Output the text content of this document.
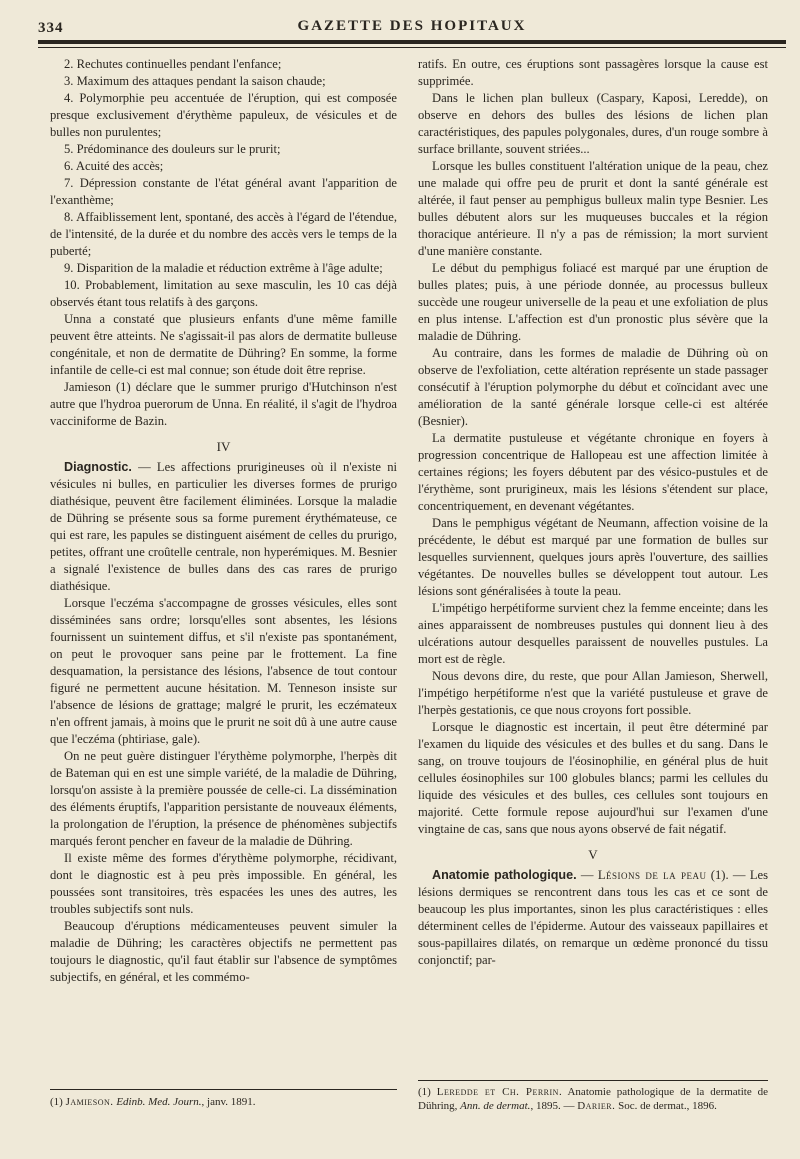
334	GAZETTE DES HOPITAUX

2. Rechutes continuelles pendant l'enfance;

3. Maximum des attaques pendant la saison chaude;

4. Polymorphie peu accentuée de l'éruption, qui est composée presque exclusivement d'érythème papuleux, de vésicules et de bulles non purulentes;

5. Prédominance des douleurs sur le prurit;

6. Acuité des accès;

7. Dépression constante de l'état général avant l'apparition de l'exanthème;

8. Affaiblissement lent, spontané, des accès à l'égard de l'étendue, de l'intensité, de la durée et du nombre des accès vers le temps de la puberté;

9. Disparition de la maladie et réduction extrême à l'âge adulte;

10. Probablement, limitation au sexe masculin, les 10 cas déjà observés étant tous relatifs à des garçons.

Unna a constaté que plusieurs enfants d'une même famille peuvent être atteints. Ne s'agissait-il pas alors de dermatite bulleuse congénitale, et non de dermatite de Dühring? En somme, la forme infantile de celle-ci est mal connue; son étude doit être reprise.

Jamieson (1) déclare que le summer prurigo d'Hutchinson n'est autre que l'hydroa puerorum de Unna. En réalité, il s'agit de l'hydroa vacciniforme de Bazin.

IV

Diagnostic. — Les affections prurigineuses où il n'existe ni vésicules ni bulles, en particulier les diverses formes de prurigo diathésique, peuvent être facilement éliminées. Lorsque la maladie de Dühring se présente sous sa forme purement érythémateuse, ce qui est rare, les papules se distinguent aisément de celles du prurigo, petites, offrant une croûtelle centrale, non hyperémiques. M. Besnier a signalé l'existence de bulles dans des cas rares de prurigo diathésique.

Lorsque l'eczéma s'accompagne de grosses vésicules, elles sont disséminées sans ordre; lorsqu'elles sont absentes, les lésions fournissent un suintement diffus, et s'il n'existe pas spontanément, on peut le provoquer sans peine par le frottement. La fine desquamation, la persistance des lésions, l'absence de tout contour figuré ne permettent aucune hésitation. M. Tenneson insiste sur l'absence de lésions de grattage; malgré le prurit, les eczémateux n'en offrent jamais, à moins que le prurit ne soit dû à une autre cause que l'eczéma (phtiriase, gale).

On ne peut guère distinguer l'érythème polymorphe, l'herpès dit de Bateman qui en est une simple variété, de la maladie de Dühring, lorsqu'on assiste à la première poussée de celle-ci. La dissémination des éléments éruptifs, l'apparition persistante de nouveaux éléments, la prolongation de l'éruption, la présence de phénomènes subjectifs marqués feront pencher en faveur de la maladie de Dühring.

Il existe même des formes d'érythème polymorphe, récidivant, dont le diagnostic est à peu près impossible. En général, les poussées sont transitoires, très espacées les unes des autres, les troubles subjectifs sont nuls.

Beaucoup d'éruptions médicamenteuses peuvent simuler la maladie de Dühring; les caractères objectifs ne permettent pas toujours le diagnostic, qu'il faut établir sur l'absence de symptômes subjectifs, en général, et les commémo-

(1) Jamieson. Edinb. Med. Journ., janv. 1891.

ratifs. En outre, ces éruptions sont passagères lorsque la cause est supprimée.

Dans le lichen plan bulleux (Caspary, Kaposi, Leredde), on observe en dehors des bulles des lésions de lichen plan caractéristiques, des papules polygonales, dures, d'un rouge sombre à surface brillante, souvent striées...

Lorsque les bulles constituent l'altération unique de la peau, chez une malade qui offre peu de prurit et dont la santé générale est altérée, il faut penser au pemphigus bulleux malin type Besnier. Les bulles débutent alors sur les muqueuses buccales et la région thoracique antérieure. Il n'y a pas de rémission; la mort survient d'une manière constante.

Le début du pemphigus foliacé est marqué par une éruption de bulles plates; puis, à une période donnée, au processus bulleux succède une rougeur universelle de la peau et une exfoliation de plus en plus intense. L'affection est d'un pronostic plus sévère que la maladie de Dühring.

Au contraire, dans les formes de maladie de Dühring où on observe de l'exfoliation, cette altération représente un stade passager consécutif à l'éruption polymorphe du début et coïncidant avec une amélioration de la santé générale lorsque celle-ci est altérée (Besnier).

La dermatite pustuleuse et végétante chronique en foyers à progression concentrique de Hallopeau est une affection limitée à certaines régions; les foyers débutent par des vésico-pustules et de l'érythème, sont prurigineux, mais les lésions s'étendent sur place, concentriquement, en devenant végétantes.

Dans le pemphigus végétant de Neumann, affection voisine de la précédente, le début est marqué par une formation de bulles sur lesquelles surviennent, quelques jours après l'ouverture, des saillies végétantes. De nouvelles bulles se développent tout autour. Les lésions sont généralisées à toute la peau.

L'impétigo herpétiforme survient chez la femme enceinte; dans les aines apparaissent de nombreuses pustules qui donnent lieu à des ulcérations autour desquelles paraissent de nouvelles pustules. La mort est de règle.

Nous devons dire, du reste, que pour Allan Jamieson, Sherwell, l'impétigo herpétiforme n'est que la variété pustuleuse et grave de l'herpès gestationis, ce que nous croyons fort possible.

Lorsque le diagnostic est incertain, il peut être déterminé par l'examen du liquide des vésicules et des bulles et du sang. Dans le sang, on trouve toujours de l'éosinophilie, en général plus de huit cellules éosinophiles sur 100 globules blancs; parmi les cellules du liquide des vésicules et des bulles, ces cellules sont toujours en majorité. Cette formule repose aujourd'hui sur l'examen d'une vingtaine de cas, sans que nous ayons observé de fait négatif.

V

Anatomie pathologique. — Lésions de la peau (1). — Les lésions dermiques se rencontrent dans tous les cas et ce sont de beaucoup les plus importantes, sinon les plus caractéristiques : elles déterminent celles de l'épiderme. Autour des vaisseaux papillaires et sous-papillaires dilatés, on remarque un œdème prononcé du tissu conjonctif; par-

(1) Leredde et Ch. Perrin. Anatomie pathologique de la dermatite de Dühring, Ann. de dermat., 1895. — Darier. Soc. de dermat., 1896.
